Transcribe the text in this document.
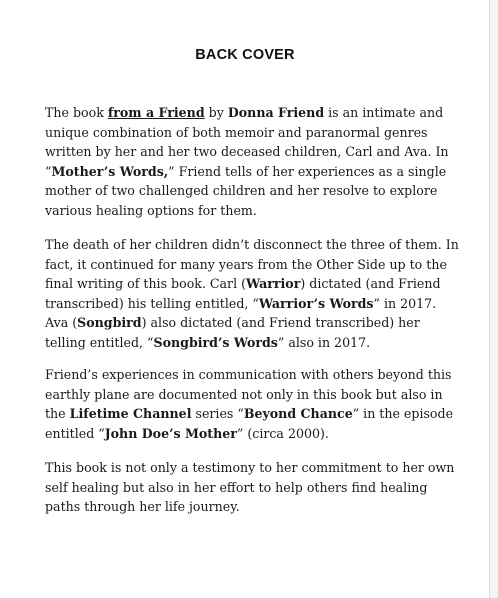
BACK COVER

The book from a Friend by Donna Friend is an intimate and unique combination of both memoir and paranormal genres written by her and her two deceased children, Carl and Ava. In “Mother’s Words,” Friend tells of her experiences as a single mother of two challenged children and her resolve to explore various healing options for them.

The death of her children didn’t disconnect the three of them. In fact, it continued for many years from the Other Side up to the final writing of this book. Carl (Warrior) dictated (and Friend transcribed) his telling entitled, “Warrior’s Words” in 2017. Ava (Songbird) also dictated (and Friend transcribed) her telling entitled, “Songbird’s Words” also in 2017.

Friend’s experiences in communication with others beyond this earthly plane are documented not only in this book but also in the Lifetime Channel series “Beyond Chance” in the episode entitled “John Doe’s Mother” (circa 2000).

This book is not only a testimony to her commitment to her own self healing but also in her effort to help others find healing paths through her life journey.
